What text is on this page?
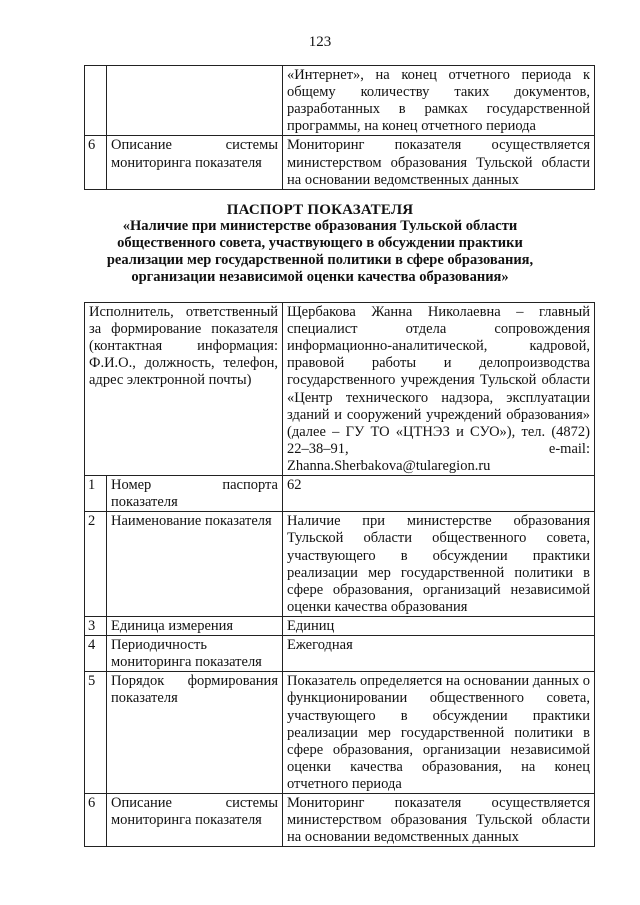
123
		«Интернет», на конец отчетного периода к общему количеству таких документов, разработанных в рамках государственной программы, на конец отчетного периода
6	Описание системы мониторинга показателя	Мониторинг показателя осуществляется министерством образования Тульской области на основании ведомственных данных
ПАСПОРТ ПОКАЗАТЕЛЯ
«Наличие при министерстве образования Тульской области
общественного совета, участвующего в обсуждении практики
реализации мер государственной политики в сфере образования,
организации независимой оценки качества образования»
Исполнитель, ответственный за формирование показателя (контактная информация: Ф.И.О., должность, телефон, адрес электронной почты)		Щербакова Жанна Николаевна – главный специалист отдела сопровождения информационно-аналитической, кадровой, правовой работы и делопроизводства государственного учреждения Тульской области «Центр технического надзора, эксплуатации зданий и сооружений учреждений образования» (далее – ГУ ТО «ЦТНЭЗ и СУО»), тел. (4872) 22–38–91, e-mail: Zhanna.Sherbakova@tularegion.ru
1	Номер паспорта показателя	62
2	Наименование показателя	Наличие при министерстве образования Тульской области общественного совета, участвующего в обсуждении практики реализации мер государственной политики в сфере образования, организаций независимой оценки качества образования
3	Единица измерения	Единиц
4	Периодичность мониторинга показателя	Ежегодная
5	Порядок формирования показателя	Показатель определяется на основании данных о функционировании общественного совета, участвующего в обсуждении практики реализации мер государственной политики в сфере образования, организации независимой оценки качества образования, на конец отчетного периода
6	Описание системы мониторинга показателя	Мониторинг показателя осуществляется министерством образования Тульской области на основании ведомственных данных
